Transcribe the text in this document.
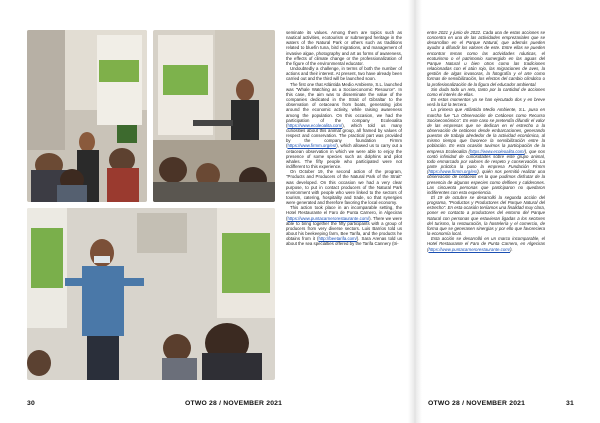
seminate its values. Among them are topics such as nautical activities, ecotourism or submerged heritage in the waters of the Natural Park or others such as traditions related to bluefin tuna, bird migrations, and management of invasive algae, photography and art as forms of awareness, the effects of climate change or the professionalization of the figure of the environmental educator.

Undoubtedly a challenge, in terms of both the number of actions and their interest. At present, two have already been carried out and the third will be launched soon.

The first one that Atlántida Medio Ambiente, S.L. launched was "Whale Watching as a Socioeconomic Resource". In this case, the aim was to disseminate the value of the companies dedicated in the Strait of Gibraltar to the observation of cetaceans from boats, generating jobs around the economic activity, while raising awareness among the population. On this occasion, we had the participation of the company Ecoleoalita (https://www.ecoleoalita.com/), which told us many curiosities about this animal group, all framed by values of respect and conservation. The practical part was provided by the company foundation Firmm (https://www.firmm.org/es/), which allowed us to carry out a cetacean observation in which we were able to enjoy the presence of some species such as dolphins and pilot whales. The fifty people who participated were not indifferent to this experience.

On October 19, the second action of the program, "Products and Producers of the Natural Park of the Strait" was developed. On this occasion we had a very clear purpose, to put in contact producers of the Natural Park environment with people who were linked to the sectors of tourism, catering, hospitality and trade, so that synergies were generated and therefore favoring the local economy.

This action took place in an incomparable setting, the Hotel Restaurante el Faro de Punta Carnero, in Algeciras (https://www.puntacarnerorestaurante.com/). There we were able to bring together the fifty participants with a group of producers from very diverse sectors. Luis Barrios told us about his beekeeping farm, Bee Tarifa, and the products he obtains from it (http://beetarifa.com/). Sara Arenas told us about the sea specialties offered by the Tarifa Cannery (tri-

entre 2021 y junio de 2022. Cada una de estas acciones se concentra en una de las actividades emprezariales que se desarrollan en el Parque Natural, que además pueden ayudar a difundir los valores de este. Entre ellas se pueden encontrar temas como las actividades náuticas, el ecoturismo o el patrimonio sumergido en las aguas del Parque Natural u bien otros como las tradiciones relacionadas con el atún rojo, las migraciones de aves, la gestión de algas invasoras, la fotografía y el arte como formas de sensibilización, los efectos del cambio climático o la profesionalización de la figura del educador ambiental.

Sin duda todo un reto, tanto por la cantidad de acciones como el interés de ellas.

En estos momentos ya se han ejecutado dos y en breve verá la luz la tercera.

La primera que Atlántida Medio Ambiente, S.L. puso en marcha fue "La Observación de Cetáceos como Recurso Socioeconómico". En este caso se pretendía difundir el valor de las empresas que se dedican en el estrecho a la observación de cetáceos desde embarcaciones, generando puestos de trabajo alrededor de la actividad económica, al mismo tiempo que favorece la sensibilización entre la población. En esta ocasión tuvimos la participación de la empresa Ecoleoalita (https://www.ecoleoalita.com/), que nos contó infinidad de curiosidades sobre este grupo animal, todo enmarcado por valores de respeto y conservación. La parte práctica la puso la empresa Fundación Firmm (https://www.firmm.org/es/), quién nos permitió realizar una observación de cetáceos en la que pudimos disfrutar de la presencia de algunas especies como delfines y calderones. Las cincuenta personas que participaron no quedaron indiferentes con esta experiencia.

El 19 de octubre se desarrolló la segunda acción del programa, "Productos y Productores del Parque Natural del estrecho". En esta ocasión teníamos una finalidad muy clara, poner en contacto a productores del entorno del Parque Natural con personas que estuvieran ligadas a los sectores del turismo, la restauración, la hostelería y el comercio, de forma que se generasen sinergias y por ello que favoreciera la economía local.

Esta acción se desarrolló en un marco incomparable, el Hotel Restaurante el Faro de Punta Carnero, en Algeciras (https://www.puntacarnerorestaurante.com/).

30	OTWO 28 / NOVEMBER 2021	OTWO 28 / NOVEMBER 2021	31
